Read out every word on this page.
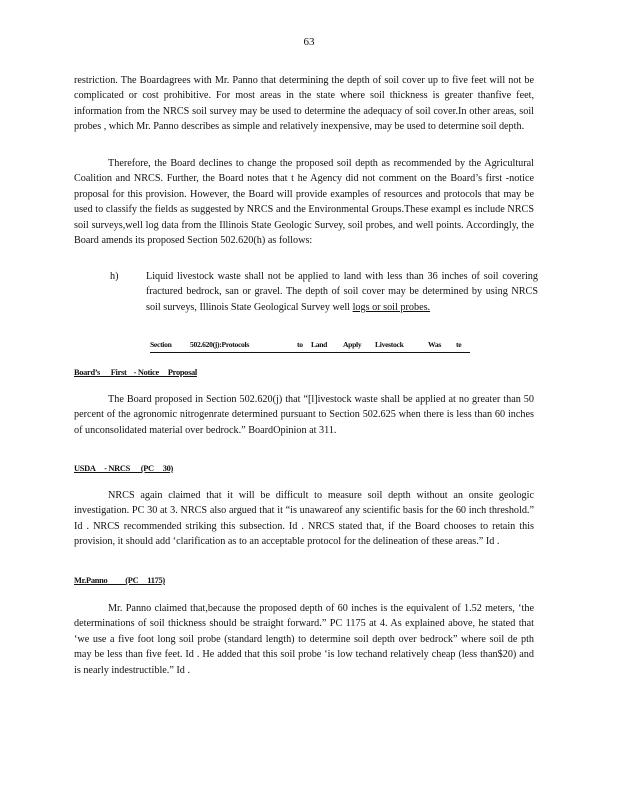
63
restriction. The Boardagrees with Mr. Panno that determining the depth of soil cover up to five feet will not be complicated or cost prohibitive. For most areas in the state where soil thickness is greater thanfive feet, information from the NRCS soil survey may be used to determine the adequacy of soil cover.In other areas, soil probes , which Mr. Panno describes as simple and relatively inexpensive, may be used to determine soil depth.
Therefore, the Board declines to change the proposed soil depth as recommended by the Agricultural Coalition and NRCS. Further, the Board notes that t he Agency did not comment on the Board’s first -notice proposal for this provision. However, the Board will provide examples of resources and protocols that may be used to classify the fields as suggested by NRCS and the Environmental Groups.These exampl es include NRCS soil surveys,well log data from the Illinois State Geologic Survey, soil probes, and well points. Accordingly, the Board amends its proposed Section 502.620(h) as follows:
h)	Liquid livestock waste shall not be applied to land with less than 36 inches of soil covering fractured bedrock, san or gravel. The depth of soil cover may be determined by using NRCS soil surveys, Illinois State Geological Survey well logs or soil probes.
Section 502.620(j):Protocols	to Land Apply Livestock	Was te
Board’s      First    - Notice     Proposal
The Board proposed in Section 502.620(j) that “[l]ivestock waste shall be applied at no greater than 50 percent of the agronomic nitrogenrate determined pursuant to Section 502.625 when there is less than 60 inches of unconsolidated material over bedrock.” BoardOpinion at 311.
USDA     - NRCS      (PC     30)
NRCS again claimed that it will be difficult to measure soil depth without an onsite geologic investigation. PC 30 at 3. NRCS also argued that it “is unawareof any scientific basis for the 60 inch threshold.” Id . NRCS recommended striking this subsection. Id . NRCS stated that, if the Board chooses to retain this provision, it should add ‘clarification as to an acceptable protocol for the delineation of these areas.” Id .
Mr.Panno          (PC     1175)
Mr. Panno claimed that,because the proposed depth of 60 inches is the equivalent of 1.52 meters, ‘the determinations of soil thickness should be straight forward.” PC 1175 at 4. As explained above, he stated that ‘we use a five foot long soil probe (standard length) to determine soil depth over bedrock” where soil de pth may be less than five feet. Id . He added that this soil probe ‘is low techand relatively cheap (less than$20) and is nearly indestructible.” Id .
